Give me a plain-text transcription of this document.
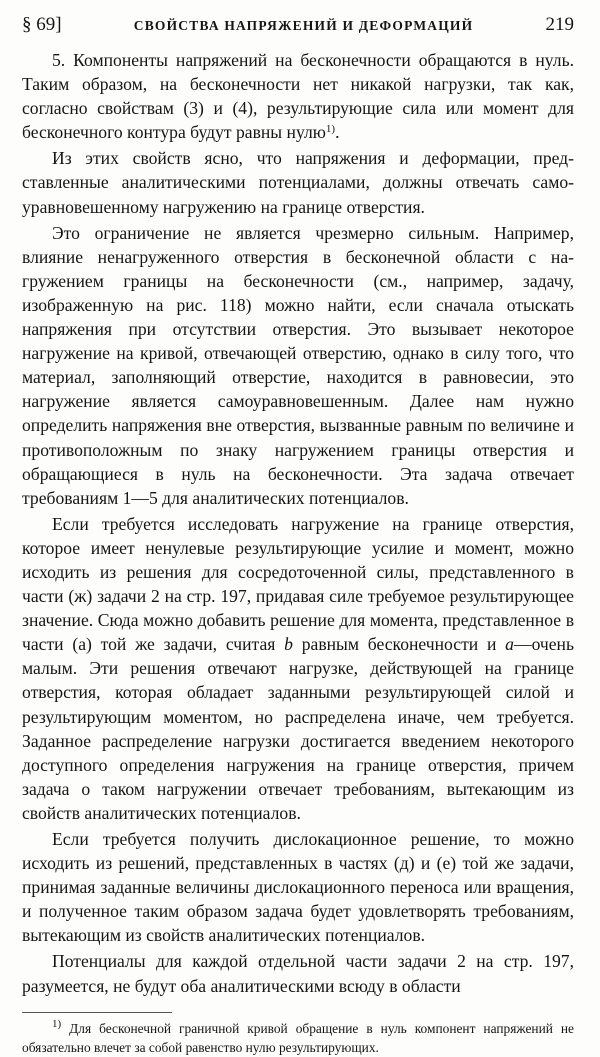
§ 69]	СВОЙСТВА НАПРЯЖЕНИЙ И ДЕФОРМАЦИЙ	219

5. Компоненты напряжений на бесконечности обращаются в нуль. Таким образом, на бесконечности нет никакой нагрузки, так как, согласно свойствам (3) и (4), результирующие сила или момент для бесконечного контура будут равны нулю$^{1)}$.

Из этих свойств ясно, что напряжения и деформации, представленные аналитическими потенциалами, должны отвечать самоуравновешенному нагружению на границе отверстия.

Это ограничение не является чрезмерно сильным. Например, влияние ненагруженного отверстия в бесконечной области с нагружением границы на бесконечности (см., например, задачу, изображенную на рис. 118) можно найти, если сначала отыскать напряжения при отсутствии отверстия. Это вызывает некоторое нагружение на кривой, отвечающей отверстию, однако в силу того, что материал, заполняющий отверстие, находится в равновесии, это нагружение является самоуравновешенным. Далее нам нужно определить напряжения вне отверстия, вызванные равным по величине и противоположным по знаку нагружением границы отверстия и обращающиеся в нуль на бесконечности. Эта задача отвечает требованиям 1—5 для аналитических потенциалов.

Если требуется исследовать нагружение на границе отверстия, которое имеет ненулевые результирующие усилие и момент, можно исходить из решения для сосредоточенной силы, представленного в части (ж) задачи 2 на стр. 197, придавая силе требуемое результирующее значение. Сюда можно добавить решение для момента, представленное в части (а) той же задачи, считая b равным бесконечности и a—очень малым. Эти решения отвечают нагрузке, действующей на границе отверстия, которая обладает заданными результирующей силой и результирующим моментом, но распределена иначе, чем требуется. Заданное распределение нагрузки достигается введением некоторого доступного определения нагружения на границе отверстия, причем задача о таком нагружении отвечает требованиям, вытекающим из свойств аналитических потенциалов.

Если требуется получить дислокационное решение, то можно исходить из решений, представленных в частях (д) и (е) той же задачи, принимая заданные величины дислокационного переноса или вращения, и полученное таким образом задача будет удовлетворять требованиям, вытекающим из свойств аналитических потенциалов.

Потенциалы для каждой отдельной части задачи 2 на стр. 197, разумеется, не будут оба аналитическими всюду в области

$^{1)}$ Для бесконечной граничной кривой обращение в нуль компонент напряжений не обязательно влечет за собой равенство нулю результирующих.
